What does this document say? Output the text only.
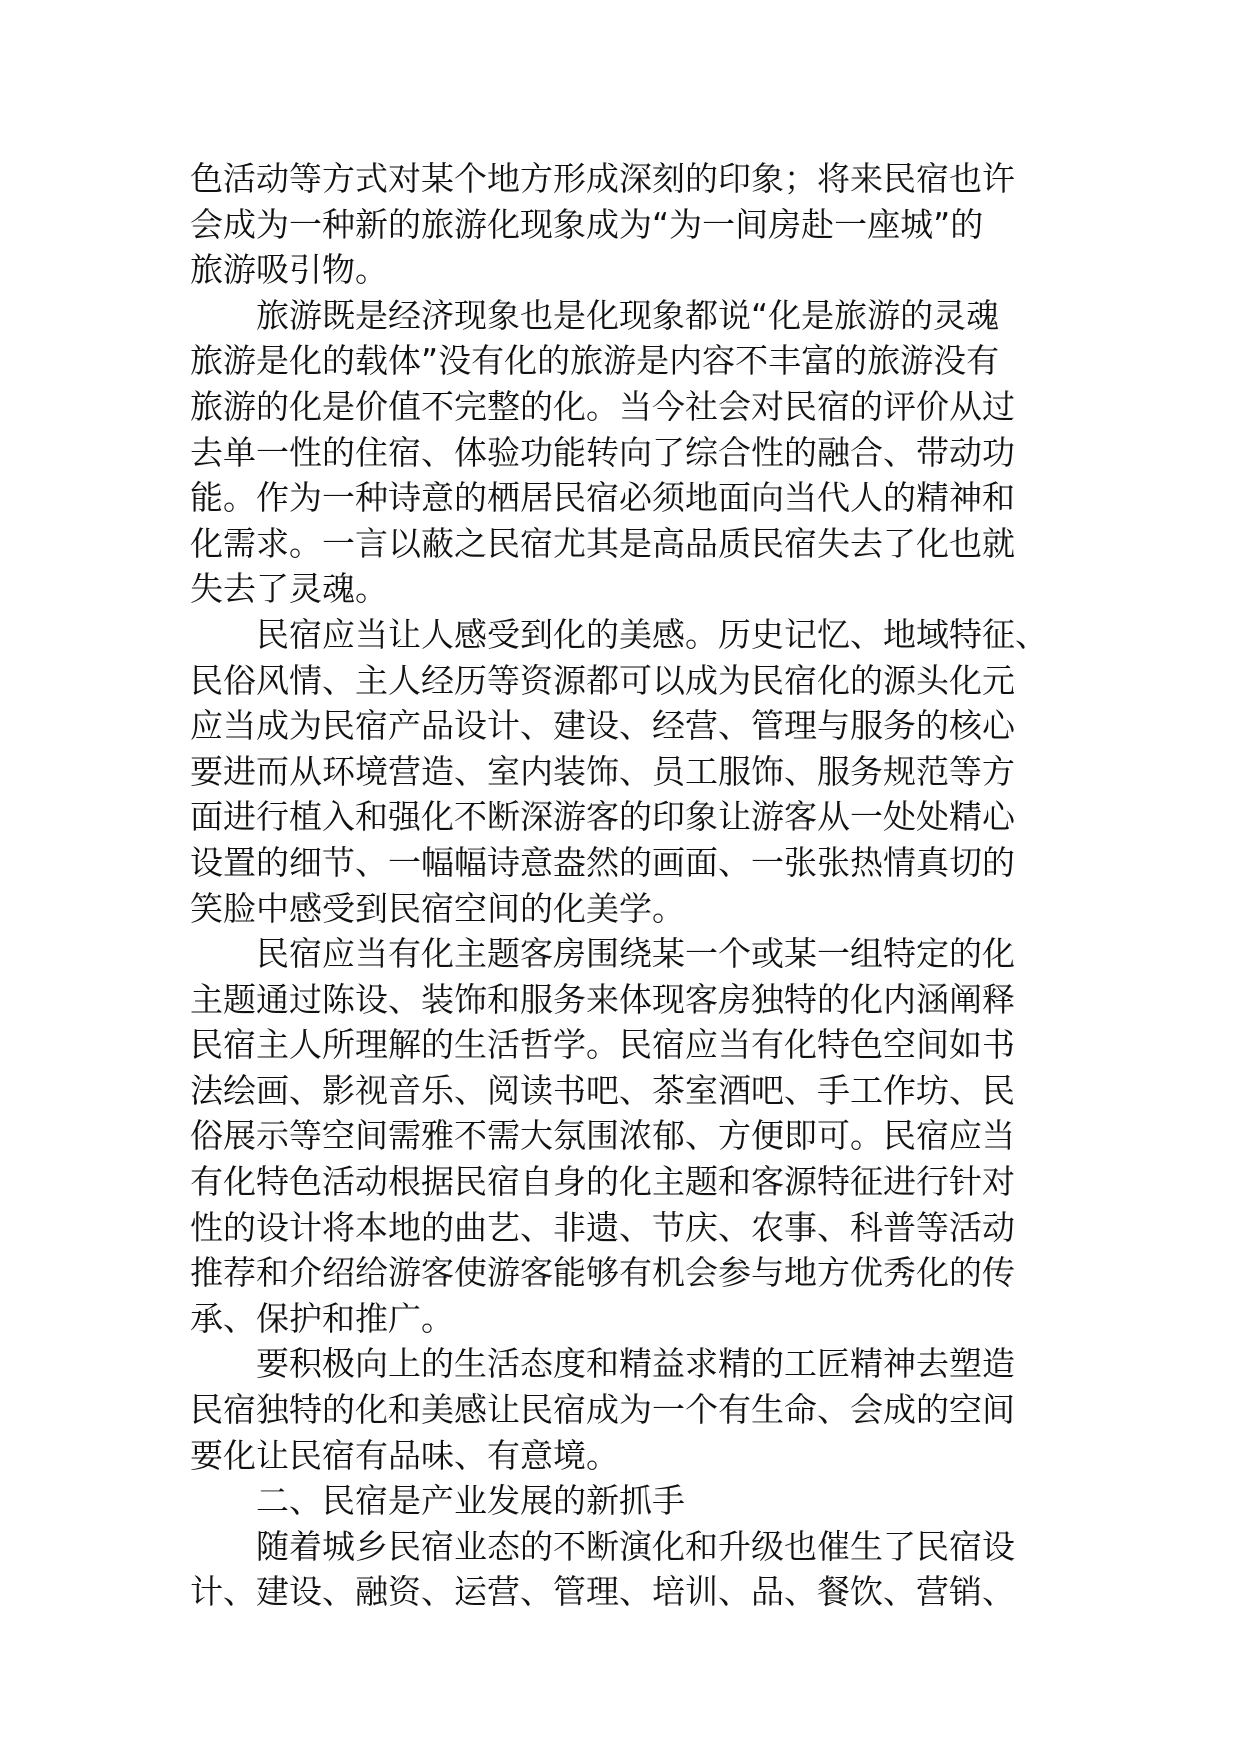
色活动等方式对某个地方形成深刻的印象；将来民宿也许
会成为一种新的旅游化现象成为“为一间房赴一座城”的
旅游吸引物。
旅游既是经济现象也是化现象都说“化是旅游的灵魂
旅游是化的载体”没有化的旅游是内容不丰富的旅游没有
旅游的化是价值不完整的化。当今社会对民宿的评价从过
去单一性的住宿、体验功能转向了综合性的融合、带动功
能。作为一种诗意的栖居民宿必须地面向当代人的精神和
化需求。一言以蔽之民宿尤其是高品质民宿失去了化也就
失去了灵魂。
民宿应当让人感受到化的美感。历史记忆、地域特征、
民俗风情、主人经历等资源都可以成为民宿化的源头化元
应当成为民宿产品设计、建设、经营、管理与服务的核心
要进而从环境营造、室内装饰、员工服饰、服务规范等方
面进行植入和强化不断深游客的印象让游客从一处处精心
设置的细节、一幅幅诗意盎然的画面、一张张热情真切的
笑脸中感受到民宿空间的化美学。
民宿应当有化主题客房围绕某一个或某一组特定的化
主题通过陈设、装饰和服务来体现客房独特的化内涵阐释
民宿主人所理解的生活哲学。民宿应当有化特色空间如书
法绘画、影视音乐、阅读书吧、茶室酒吧、手工作坊、民
俗展示等空间需雅不需大氛围浓郁、方便即可。民宿应当
有化特色活动根据民宿自身的化主题和客源特征进行针对
性的设计将本地的曲艺、非遗、节庆、农事、科普等活动
推荐和介绍给游客使游客能够有机会参与地方优秀化的传
承、保护和推广。
要积极向上的生活态度和精益求精的工匠精神去塑造
民宿独特的化和美感让民宿成为一个有生命、会成的空间
要化让民宿有品味、有意境。
二、民宿是产业发展的新抓手
随着城乡民宿业态的不断演化和升级也催生了民宿设
计、建设、融资、运营、管理、培训、品、餐饮、营销、
